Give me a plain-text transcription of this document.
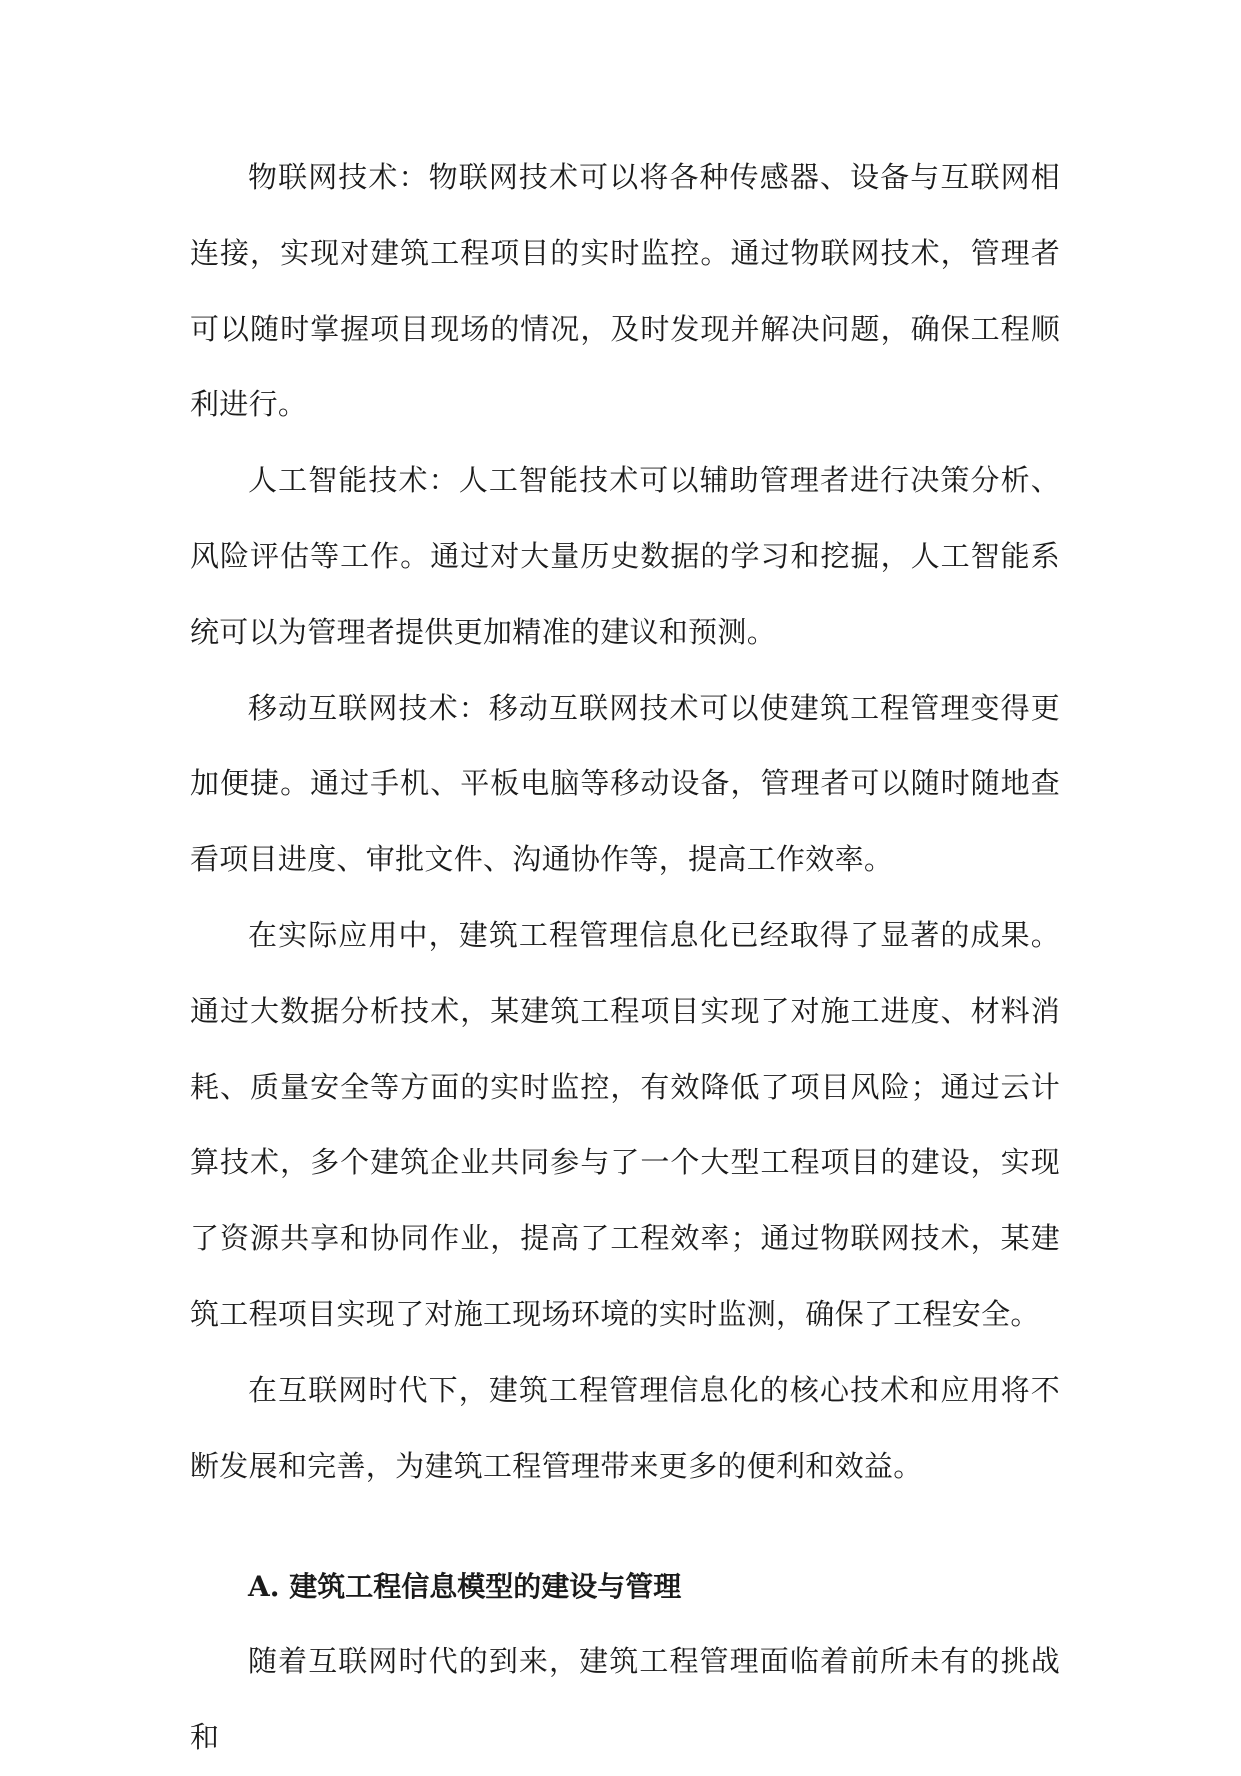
物联网技术：物联网技术可以将各种传感器、设备与互联网相连接，实现对建筑工程项目的实时监控。通过物联网技术，管理者可以随时掌握项目现场的情况，及时发现并解决问题，确保工程顺利进行。

人工智能技术：人工智能技术可以辅助管理者进行决策分析、风险评估等工作。通过对大量历史数据的学习和挖掘，人工智能系统可以为管理者提供更加精准的建议和预测。

移动互联网技术：移动互联网技术可以使建筑工程管理变得更加便捷。通过手机、平板电脑等移动设备，管理者可以随时随地查看项目进度、审批文件、沟通协作等，提高工作效率。

在实际应用中，建筑工程管理信息化已经取得了显著的成果。通过大数据分析技术，某建筑工程项目实现了对施工进度、材料消耗、质量安全等方面的实时监控，有效降低了项目风险；通过云计算技术，多个建筑企业共同参与了一个大型工程项目的建设，实现了资源共享和协同作业，提高了工程效率；通过物联网技术，某建筑工程项目实现了对施工现场环境的实时监测，确保了工程安全。

在互联网时代下，建筑工程管理信息化的核心技术和应用将不断发展和完善，为建筑工程管理带来更多的便利和效益。

A. 建筑工程信息模型的建设与管理

随着互联网时代的到来，建筑工程管理面临着前所未有的挑战和
